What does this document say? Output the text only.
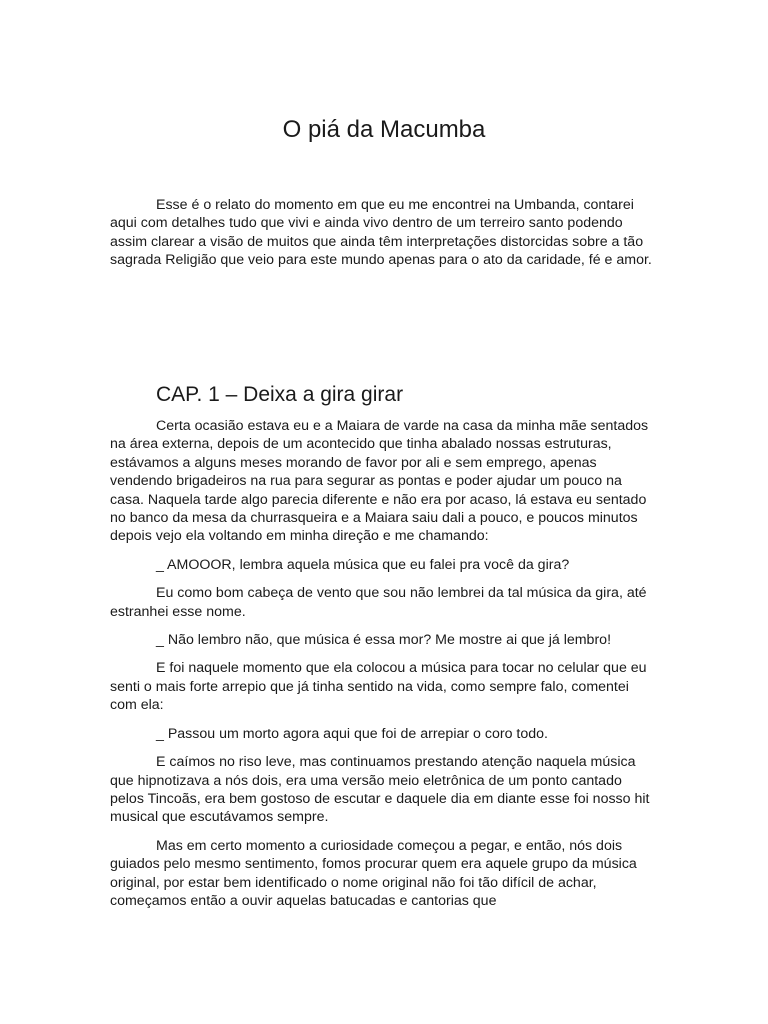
O piá da Macumba

Esse é o relato do momento em que eu me encontrei na Umbanda, contarei aqui com detalhes tudo que vivi e ainda vivo dentro de um terreiro santo podendo assim clarear a visão de muitos que ainda têm interpretações distorcidas sobre a tão sagrada Religião que veio para este mundo apenas para o ato da caridade, fé e amor.

CAP. 1 – Deixa a gira girar

Certa ocasião estava eu e a Maiara de varde na casa da minha mãe sentados na área externa, depois de um acontecido que tinha abalado nossas estruturas, estávamos a alguns meses morando de favor por ali e sem emprego, apenas vendendo brigadeiros na rua para segurar as pontas e poder ajudar um pouco na casa. Naquela tarde algo parecia diferente e não era por acaso, lá estava eu sentado no banco da mesa da churrasqueira e a Maiara saiu dali a pouco, e poucos minutos depois vejo ela voltando em minha direção e me chamando:

_ AMOOOR, lembra aquela música que eu falei pra você da gira?

Eu como bom cabeça de vento que sou não lembrei da tal música da gira, até estranhei esse nome.

_ Não lembro não, que música é essa mor? Me mostre ai que já lembro!

E foi naquele momento que ela colocou a música para tocar no celular que eu senti o mais forte arrepio que já tinha sentido na vida, como sempre falo, comentei com ela:

_ Passou um morto agora aqui que foi de arrepiar o coro todo.

E caímos no riso leve, mas continuamos prestando atenção naquela música que hipnotizava a nós dois, era uma versão meio eletrônica de um ponto cantado pelos Tincoãs, era bem gostoso de escutar e daquele dia em diante esse foi nosso hit musical que escutávamos sempre.

Mas em certo momento a curiosidade começou a pegar, e então, nós dois guiados pelo mesmo sentimento, fomos procurar quem era aquele grupo da música original, por estar bem identificado o nome original não foi tão difícil de achar, começamos então a ouvir aquelas batucadas e cantorias que
